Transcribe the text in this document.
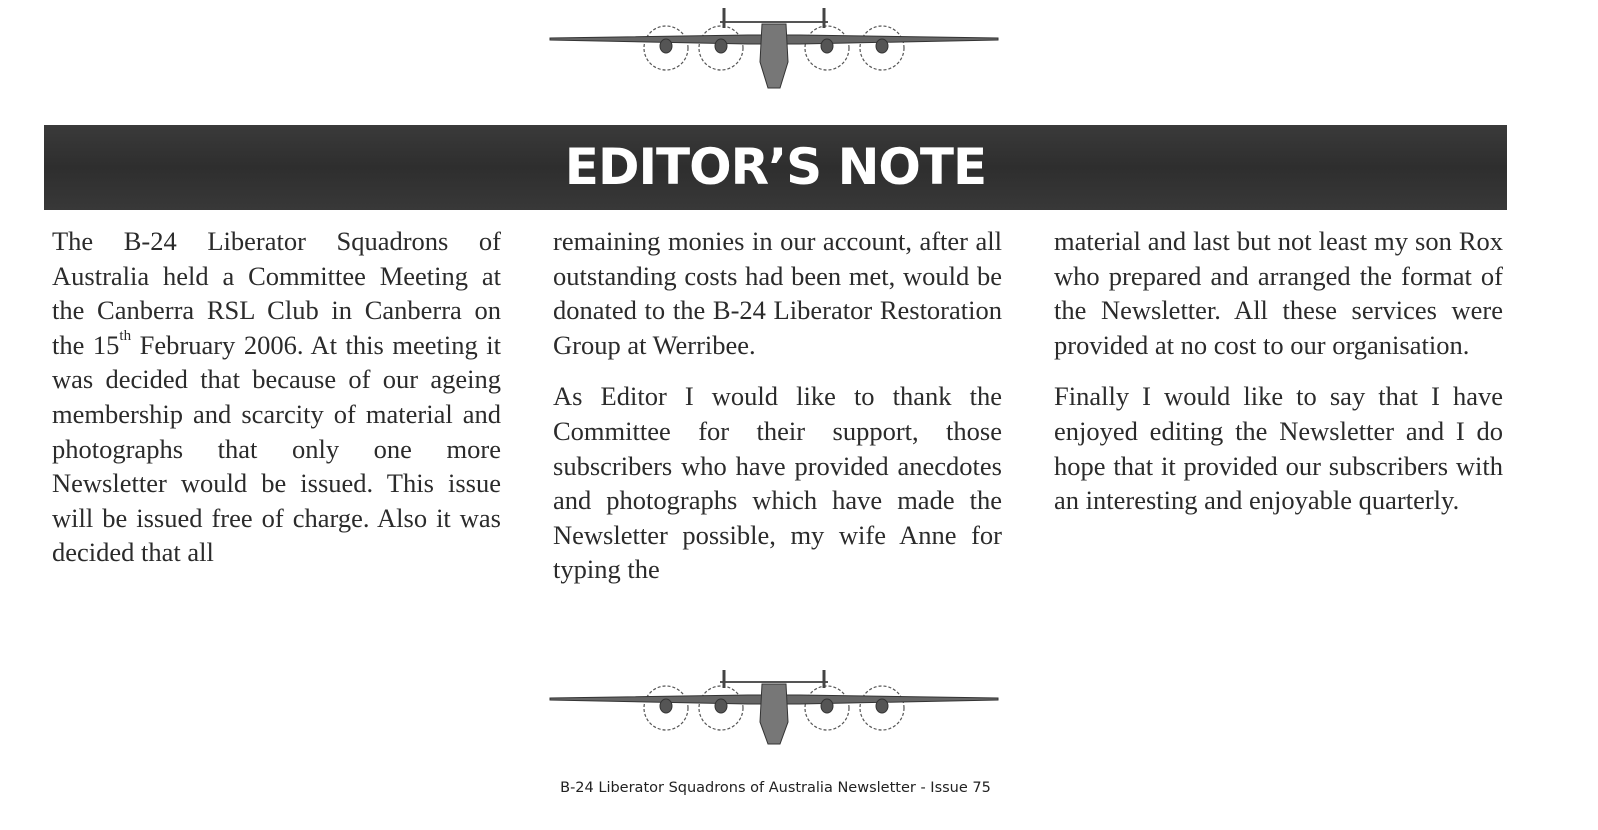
EDITOR’S NOTE

The B-24 Liberator Squadrons of Australia held a Committee Meeting at the Canberra RSL Club in Canberra on the 15th February 2006. At this meeting it was decided that because of our ageing membership and scarcity of material and photographs that only one more Newsletter would be issued. This issue will be issued free of charge. Also it was decided that all

remaining monies in our account, after all outstanding costs had been met, would be donated to the B-24 Liberator Restoration Group at Werribee.

As Editor I would like to thank the Committee for their support, those subscribers who have provided anecdotes and photographs which have made the Newsletter possible, my wife Anne for typing the

material and last but not least my son Rox who prepared and arranged the format of the Newsletter. All these services were provided at no cost to our organisation.

Finally I would like to say that I have enjoyed editing the Newsletter and I do hope that it provided our subscribers with an interesting and enjoyable quarterly.

B-24 Liberator Squadrons of Australia Newsletter - Issue 75
